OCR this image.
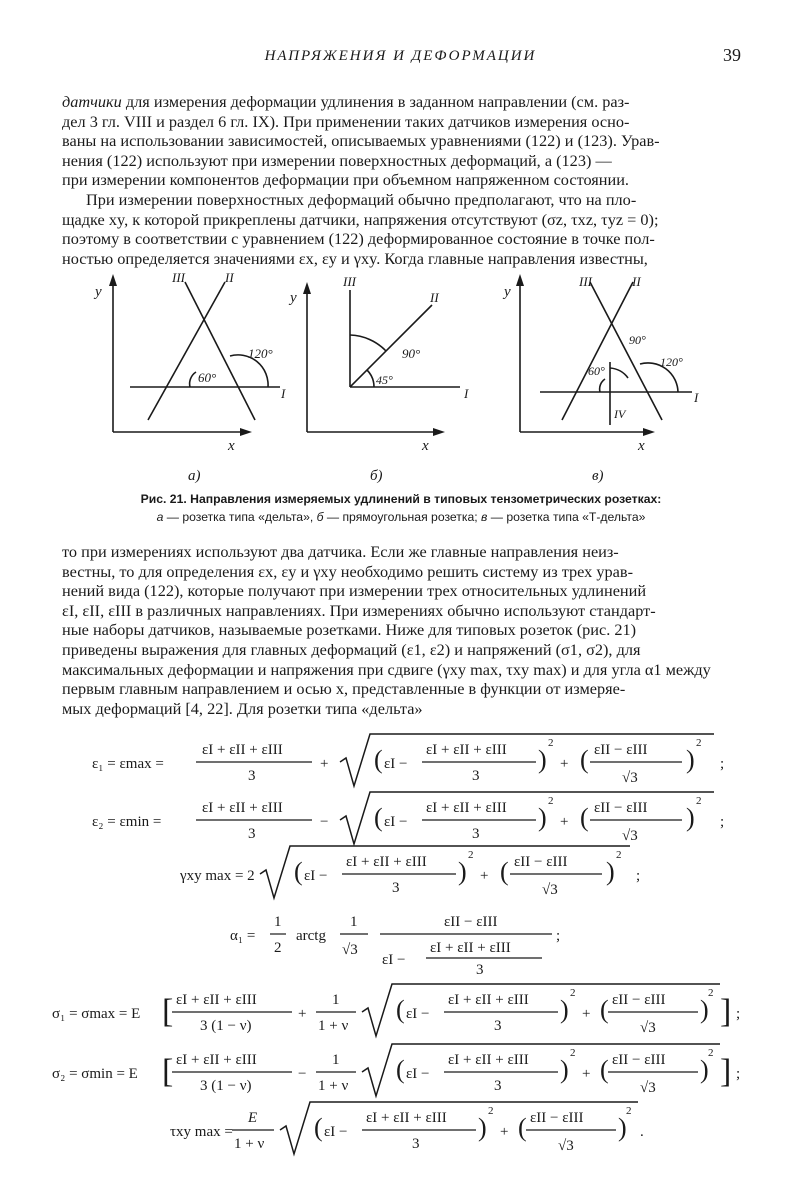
НАПРЯЖЕНИЯ И ДЕФОРМАЦИИ	39

датчики для измерения деформации удлинения в заданном направлении (см. раз-

дел 3 гл. VIII и раздел 6 гл. IX). При применении таких датчиков измерения осно-

ваны на использовании зависимостей, описываемых уравнениями (122) и (123). Урав-

нения (122) используют при измерении поверхностных деформаций, а (123) —

при измерении компонентов деформации при объемном напряженном состоянии.

При измерении поверхностных деформаций обычно предполагают, что на пло-

щадке xy, к которой прикреплены датчики, напряжения отсутствуют (σz, τxz, τyz = 0);

поэтому в соответствии с уравнением (122) деформированное состояние в точке пол-

ностью определяется значениями εx, εy и γxy. Когда главные направления известны,

y
x
III	II
I
60°
120°
а)
y
x
III
II
I
90°
45°
б)
y
x
III	II
I
IV
60°
90°
120°
в)
Рис. 21. Направления измеряемых удлинений в типовых тензометрических розетках:
а — розетка типа «дельта», б — прямоугольная розетка; в — розетка типа «Т-дельта»

то при измерениях используют два датчика. Если же главные направления неиз-

вестны, то для определения εx, εy и γxy необходимо решить систему из трех урав-

нений вида (122), которые получают при измерении трех относительных удлинений

εI, εII, εIII в различных направлениях. При измерениях обычно используют стандарт-

ные наборы датчиков, называемые розетками. Ниже для типовых розеток (рис. 21)

приведены выражения для главных деформаций (ε1, ε2) и напряжений (σ1, σ2), для

максимальных деформации и напряжения при сдвиге (γxy max, τxy max) и для угла α1 между

первым главным направлением и осью x, представленные в функции от измеряе-

мых деформаций [4, 22]. Для розетки типа «дельта»

ε₁ = εmax =
εI + εII + εIII
3
+ ( εI −
εI + εII + εIII
3
)
2
+ ( εII − εIII
√3
)
2
;
ε₂ = εmin =
εI + εII + εIII
3
− ( εI −
εI + εII + εIII
3
)
2
+ ( εII − εIII
√3
)
2
;
γxy max = 2 ( εI −
εI + εII + εIII
3
)
2
+ ( εII − εIII
√3
)
2
;
α₁ =
1
2
arctg
1
√3
εII − εIII
εI −
εI + εII + εIII
3
;
σ₁ = σmax = E [ εI + εII + εIII
3 (1 − ν)
+
1
1 + ν
( εI −
εI + εII + εIII
3
)
2
+ ( εII − εIII
√3
)
2 ] ;
σ₂ = σmin = E [ εI + εII + εIII
3 (1 − ν)
−
1
1 + ν
( εI −
εI + εII + εIII
3
)
2
+ ( εII − εIII
√3
)
2 ] ;
τxy max =
E
1 + ν
( εI −
εI + εII + εIII
3
)
2
+ ( εII − εIII
√3
)
2
.
